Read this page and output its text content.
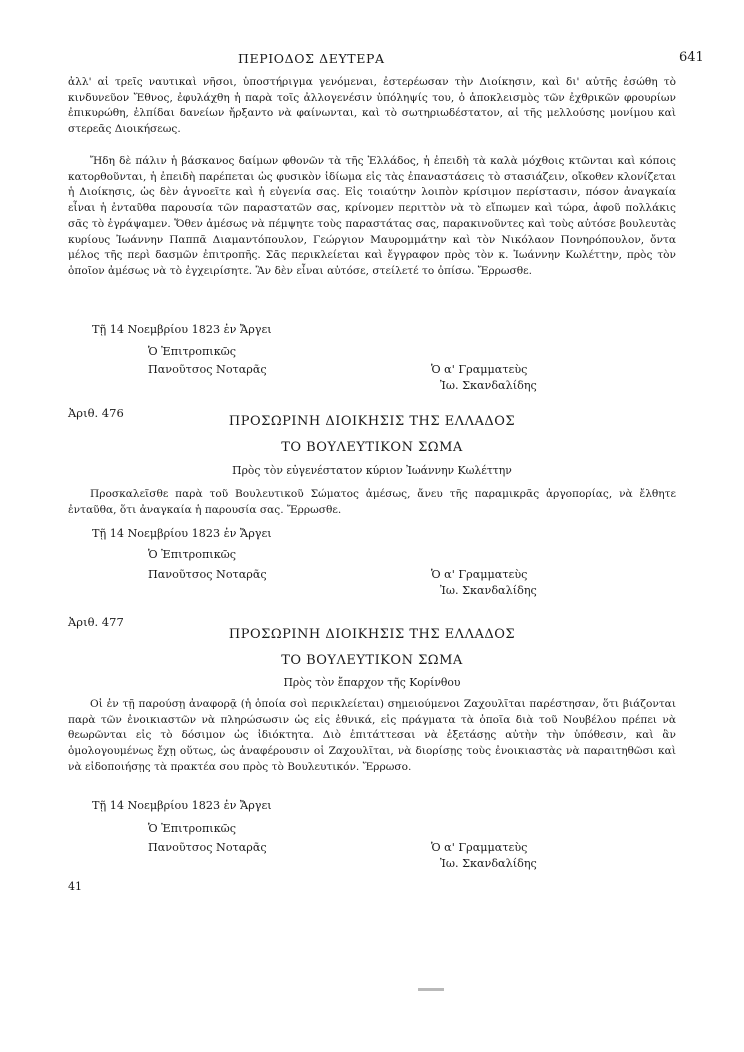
ΠΕΡΙΟΔΟΣ ΔΕΥΤΕΡΑ	641

ἀλλ' αἱ τρεῖς ναυτικαὶ νῆσοι, ὑποστήριγμα γενόμεναι, ἐστερέωσαν τὴν Διοίκησιν, καὶ δι' αὐτῆς ἐσώθη τὸ κινδυνεῦον Ἔθνος, ἐφυλάχθη ἡ παρὰ τοῖς ἀλλογενέσιν ὑπόληψίς του, ὁ ἀποκλεισμὸς τῶν ἐχθρικῶν φρουρίων ἐπικυρώθη, ἐλπίδαι δανείων ἤρξαντο νὰ φαίνωνται, καὶ τὸ σωτηριωδέστατον, αἱ τῆς μελλούσης μονίμου καὶ στερεᾶς Διοικήσεως.

Ἤδη δὲ πάλιν ἡ βάσκανος δαίμων φθονῶν τὰ τῆς Ἑλλάδος, ἡ ἐπειδὴ τὰ καλὰ μόχθοις κτῶνται καὶ κόποις κατορθοῦνται, ἡ ἐπειδὴ παρέπεται ὡς φυσικὸν ἰδίωμα εἰς τὰς ἐπαναστάσεις τὸ στασιάζειν, οἴκοθεν κλονίζεται ἡ Διοίκησις, ὡς δὲν ἀγνοεῖτε καὶ ἡ εὐγενία σας. Εἰς τοιαύτην λοιπὸν κρίσιμον περίστασιν, πόσον ἀναγκαία εἶναι ἡ ἐνταῦθα παρουσία τῶν παραστατῶν σας, κρίνομεν περιττὸν νὰ τὸ εἴπωμεν καὶ τώρα, ἀφοῦ πολλάκις σᾶς τὸ ἐγράψαμεν. Ὅθεν ἀμέσως νὰ πέμψητε τοὺς παραστάτας σας, παρακινοῦντες καὶ τοὺς αὐτόσε βουλευτὰς κυρίους Ἰωάννην Παππᾶ Διαμαντόπουλον, Γεώργιον Μαυρομμάτην καὶ τὸν Νικόλαον Πονηρόπουλον, ὄντα μέλος τῆς περὶ δασμῶν ἐπιτροπῆς. Σᾶς περικλείεται καὶ ἔγγραφον πρὸς τὸν κ. Ἰωάννην Κωλέττην, πρὸς τὸν ὁποῖον ἀμέσως νὰ τὸ ἐγχειρίσητε. Ἂν δὲν εἶναι αὐτόσε, στείλετέ το ὀπίσω. Ἔρρωσθε.

Τῇ 14 Νοεμβρίου 1823 ἐν Ἄργει
Ὁ Ἐπιτροπικῶς
Πανοῦτσος Νοταρᾶς	Ὁ α' Γραμματεὺς
Ἰω. Σκανδαλίδης
Ἀριθ. 476
ΠΡΟΣΩΡΙΝΗ ΔΙΟΙΚΗΣΙΣ ΤΗΣ ΕΛΛΑΔΟΣ
ΤΟ ΒΟΥΛΕΥΤΙΚΟΝ ΣΩΜΑ
Πρὸς τὸν εὐγενέστατον κύριον Ἰωάννην Κωλέττην

Προσκαλεῖσθε παρὰ τοῦ Βουλευτικοῦ Σώματος ἀμέσως, ἄνευ τῆς παραμικρᾶς ἀργοπορίας, νὰ ἔλθητε ἐνταῦθα, ὅτι ἀναγκαία ἡ παρουσία σας. Ἔρρωσθε.

Τῇ 14 Νοεμβρίου 1823 ἐν Ἄργει
Ὁ Ἐπιτροπικῶς
Πανοῦτσος Νοταρᾶς	Ὁ α' Γραμματεὺς
Ἰω. Σκανδαλίδης
Ἀριθ. 477
ΠΡΟΣΩΡΙΝΗ ΔΙΟΙΚΗΣΙΣ ΤΗΣ ΕΛΛΑΔΟΣ
ΤΟ ΒΟΥΛΕΥΤΙΚΟΝ ΣΩΜΑ
Πρὸς τὸν ἔπαρχον τῆς Κορίνθου

Οἱ ἐν τῇ παρούσῃ ἀναφορᾷ (ἡ ὁποία σοὶ περικλείεται) σημειούμενοι Ζαχουλῖται παρέστησαν, ὅτι βιάζονται παρὰ τῶν ἐνοικιαστῶν νὰ πληρώσωσιν ὡς εἰς ἐθνικά, εἰς πράγματα τὰ ὁποῖα διὰ τοῦ Νουβέλου πρέπει νὰ θεωρῶνται εἰς τὸ δόσιμον ὡς ἰδιόκτητα. Διὸ ἐπιτάττεσαι νὰ ἐξετάσῃς αὐτὴν τὴν ὑπόθεσιν, καὶ ἂν ὁμολογουμένως ἔχῃ οὕτως, ὡς ἀναφέρουσιν οἱ Ζαχουλῖται, νὰ διορίσῃς τοὺς ἐνοικιαστὰς νὰ παραιτηθῶσι καὶ νὰ εἰδοποιήσῃς τὰ πρακτέα σου πρὸς τὸ Βουλευτικόν. Ἔρρωσο.

Τῇ 14 Νοεμβρίου 1823 ἐν Ἄργει
Ὁ Ἐπιτροπικῶς
Πανοῦτσος Νοταρᾶς	Ὁ α' Γραμματεὺς
Ἰω. Σκανδαλίδης
41
